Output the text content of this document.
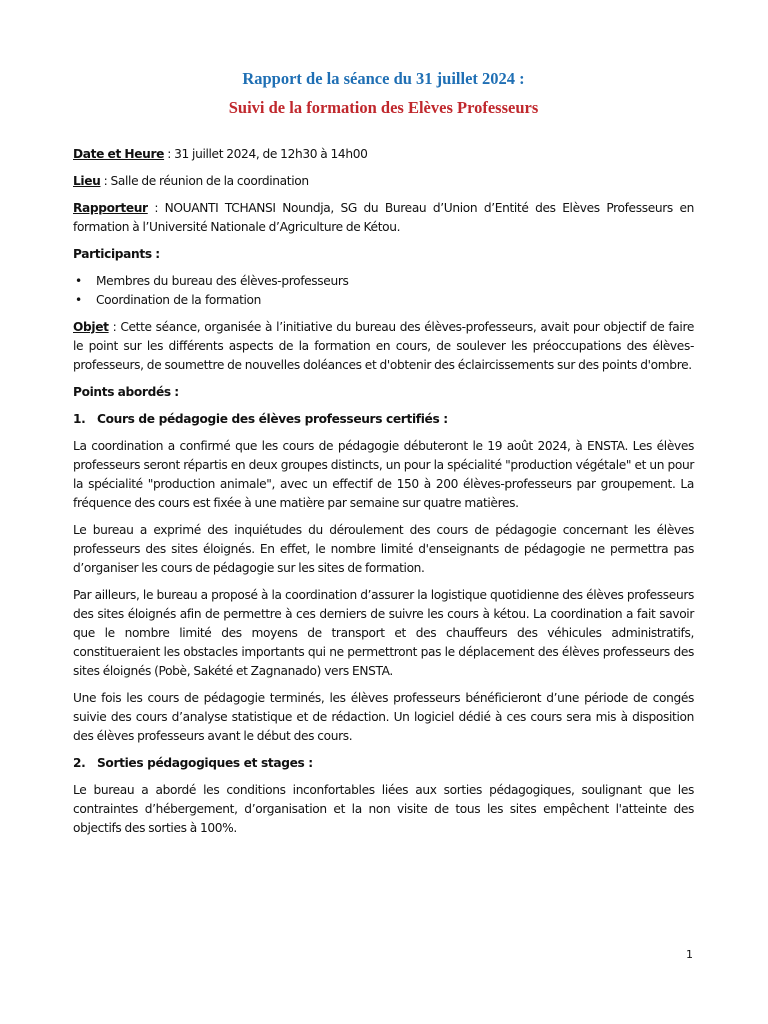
Rapport de la séance du 31 juillet 2024 :

Suivi de la formation des Elèves Professeurs

Date et Heure : 31 juillet 2024, de 12h30 à 14h00

Lieu : Salle de réunion de la coordination

Rapporteur : NOUANTI TCHANSI Noundja, SG du Bureau d’Union d’Entité des Elèves Professeurs en formation à l’Université Nationale d’Agriculture de Kétou.

Participants :

• Membres du bureau des élèves-professeurs
• Coordination de la formation

Objet : Cette séance, organisée à l’initiative du bureau des élèves-professeurs, avait pour objectif de faire le point sur les différents aspects de la formation en cours, de soulever les préoccupations des élèves-professeurs, de soumettre de nouvelles doléances et d'obtenir des éclaircissements sur des points d'ombre.

Points abordés :

1. Cours de pédagogie des élèves professeurs certifiés :

La coordination a confirmé que les cours de pédagogie débuteront le 19 août 2024, à ENSTA. Les élèves professeurs seront répartis en deux groupes distincts, un pour la spécialité "production végétale" et un pour la spécialité "production animale", avec un effectif de 150 à 200 élèves-professeurs par groupement. La fréquence des cours est fixée à une matière par semaine sur quatre matières.

Le bureau a exprimé des inquiétudes du déroulement des cours de pédagogie concernant les élèves professeurs des sites éloignés. En effet, le nombre limité d'enseignants de pédagogie ne permettra pas d’organiser les cours de pédagogie sur les sites de formation.

Par ailleurs, le bureau a proposé à la coordination d’assurer la logistique quotidienne des élèves professeurs des sites éloignés afin de permettre à ces derniers de suivre les cours à kétou. La coordination a fait savoir que le nombre limité des moyens de transport et des chauffeurs des véhicules administratifs, constitueraient les obstacles importants qui ne permettront pas le déplacement des élèves professeurs des sites éloignés (Pobè, Sakété et Zagnanado) vers ENSTA.

Une fois les cours de pédagogie terminés, les élèves professeurs bénéficieront d’une période de congés suivie des cours d’analyse statistique et de rédaction. Un logiciel dédié à ces cours sera mis à disposition des élèves professeurs avant le début des cours.

2. Sorties pédagogiques et stages :

Le bureau a abordé les conditions inconfortables liées aux sorties pédagogiques, soulignant que les contraintes d’hébergement, d’organisation et la non visite de tous les sites empêchent l'atteinte des objectifs des sorties à 100%.

1
